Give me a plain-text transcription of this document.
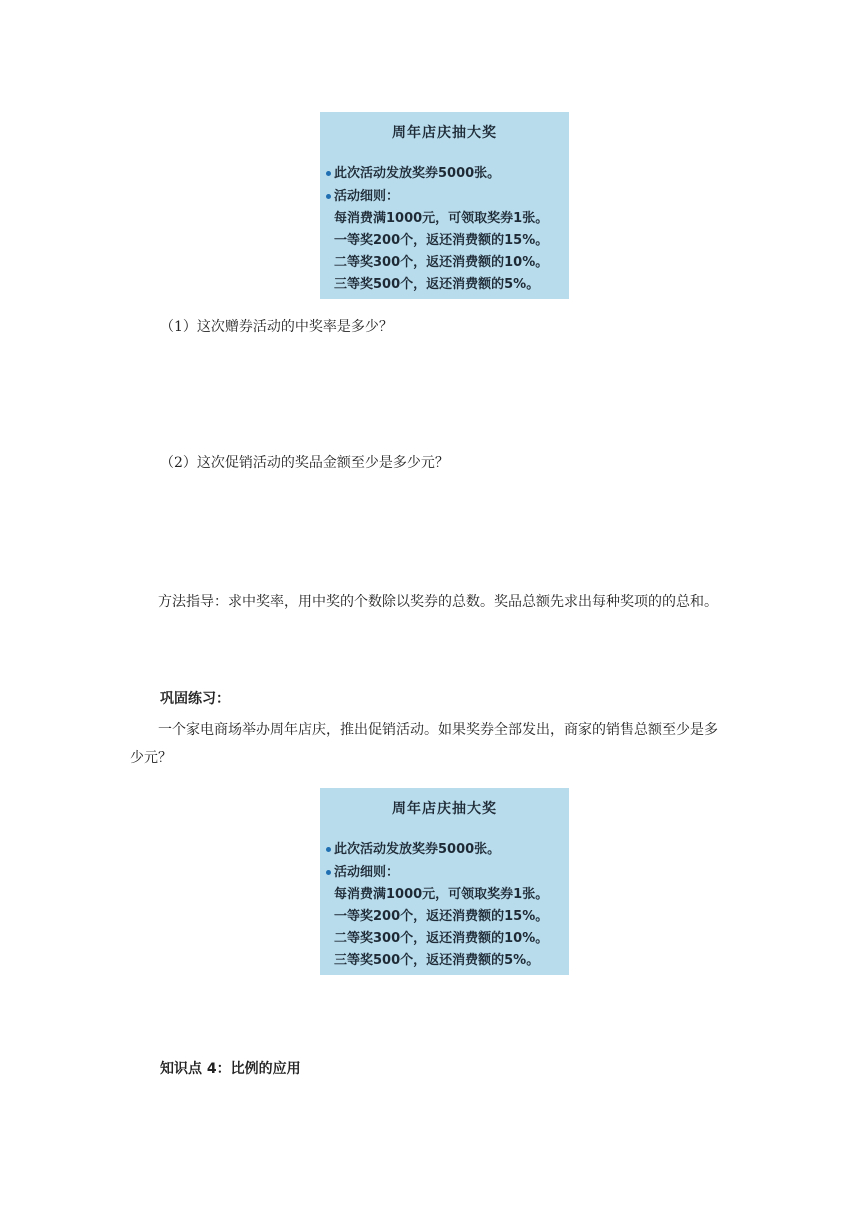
周年店庆抽大奖
此次活动发放奖券5000张。
活动细则：
每消费满1000元，可领取奖券1张。
一等奖200个，返还消费额的15%。
二等奖300个，返还消费额的10%。
三等奖500个，返还消费额的5%。
（1）这次赠券活动的中奖率是多少？
（2）这次促销活动的奖品金额至少是多少元？
方法指导：求中奖率，用中奖的个数除以奖券的总数。奖品总额先求出每种奖项的的总和。
巩固练习：
一个家电商场举办周年店庆，推出促销活动。如果奖券全部发出，商家的销售总额至少是多少元？
周年店庆抽大奖
此次活动发放奖券5000张。
活动细则：
每消费满1000元，可领取奖券1张。
一等奖200个，返还消费额的15%。
二等奖300个，返还消费额的10%。
三等奖500个，返还消费额的5%。
知识点 4：比例的应用
